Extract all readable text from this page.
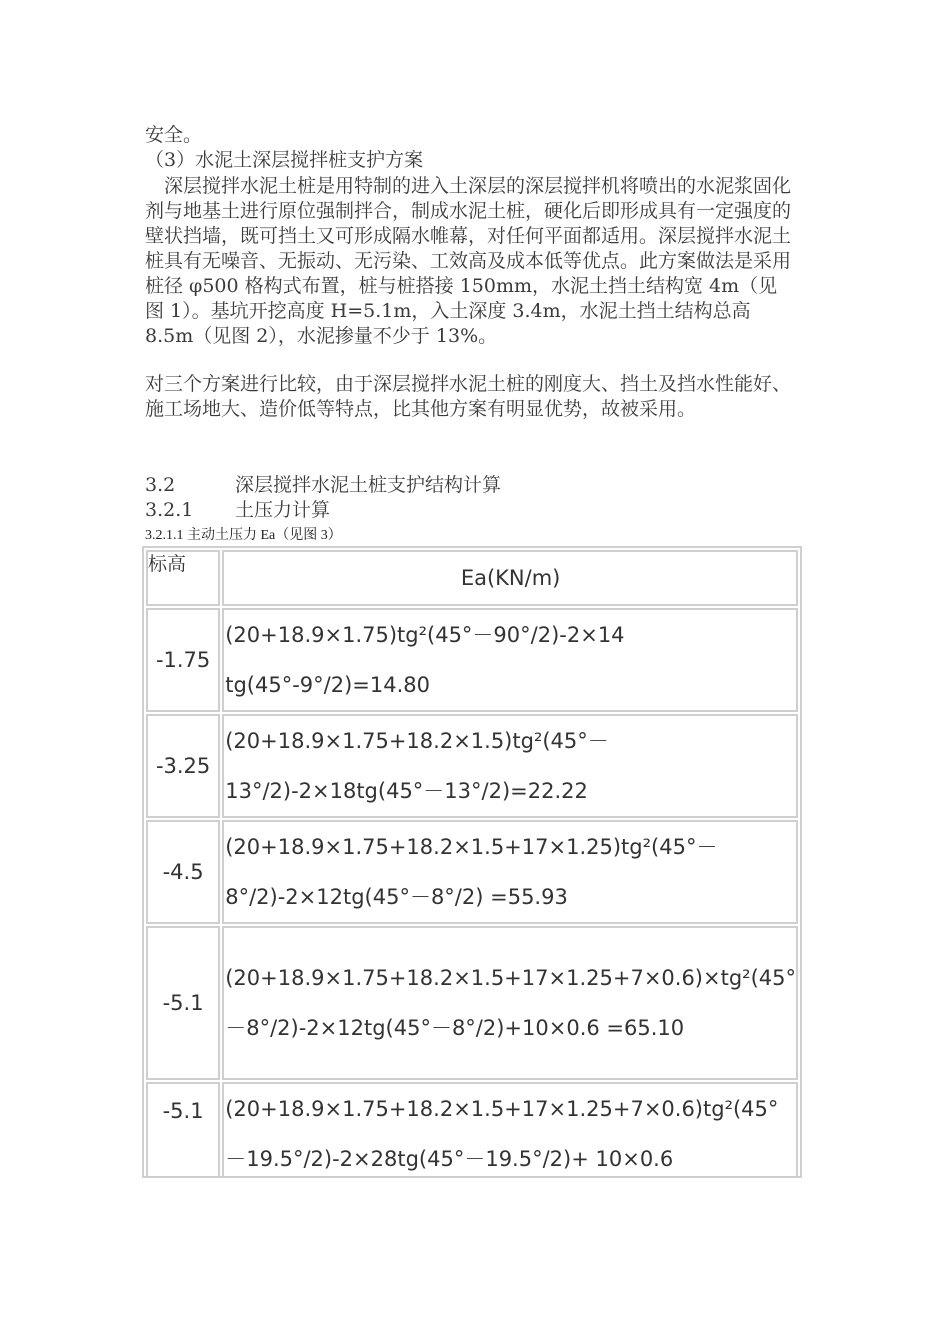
安全。
（3）水泥土深层搅拌桩支护方案
　深层搅拌水泥土桩是用特制的进入土深层的深层搅拌机将喷出的水泥浆固化剂与地基土进行原位强制拌合，制成水泥土桩，硬化后即形成具有一定强度的壁状挡墙，既可挡土又可形成隔水帷幕，对任何平面都适用。深层搅拌水泥土桩具有无噪音、无振动、无污染、工效高及成本低等优点。此方案做法是采用桩径 φ500 格构式布置，桩与桩搭接 150mm，水泥土挡土结构宽 4m（见图 1）。基坑开挖高度 H=5.1m，入土深度 3.4m，水泥土挡土结构总高 8.5m（见图 2），水泥掺量不少于 13%。
对三个方案进行比较，由于深层搅拌水泥土桩的刚度大、挡土及挡水性能好、施工场地大、造价低等特点，比其他方案有明显优势，故被采用。
3.2	深层搅拌水泥土桩支护结构计算
3.2.1 土压力计算
3.2.1.1 主动土压力 Ea（见图 3）
标高	Ea(KN/m)
-1.75	(20+18.9×1.75)tg²(45°－90°/2)-2×14 tg(45°-9°/2)=14.80
-3.25	(20+18.9×1.75+18.2×1.5)tg²(45°－13°/2)-2×18tg(45°－13°/2)=22.22
-4.5	(20+18.9×1.75+18.2×1.5+17×1.25)tg²(45°－8°/2)-2×12tg(45°－8°/2) =55.93
-5.1	(20+18.9×1.75+18.2×1.5+17×1.25+7×0.6)×tg²(45°－8°/2)-2×12tg(45°－8°/2)+10×0.6 =65.10
-5.1	(20+18.9×1.75+18.2×1.5+17×1.25+7×0.6)tg²(45°－19.5°/2)-2×28tg(45°－19.5°/2)+ 10×0.6
